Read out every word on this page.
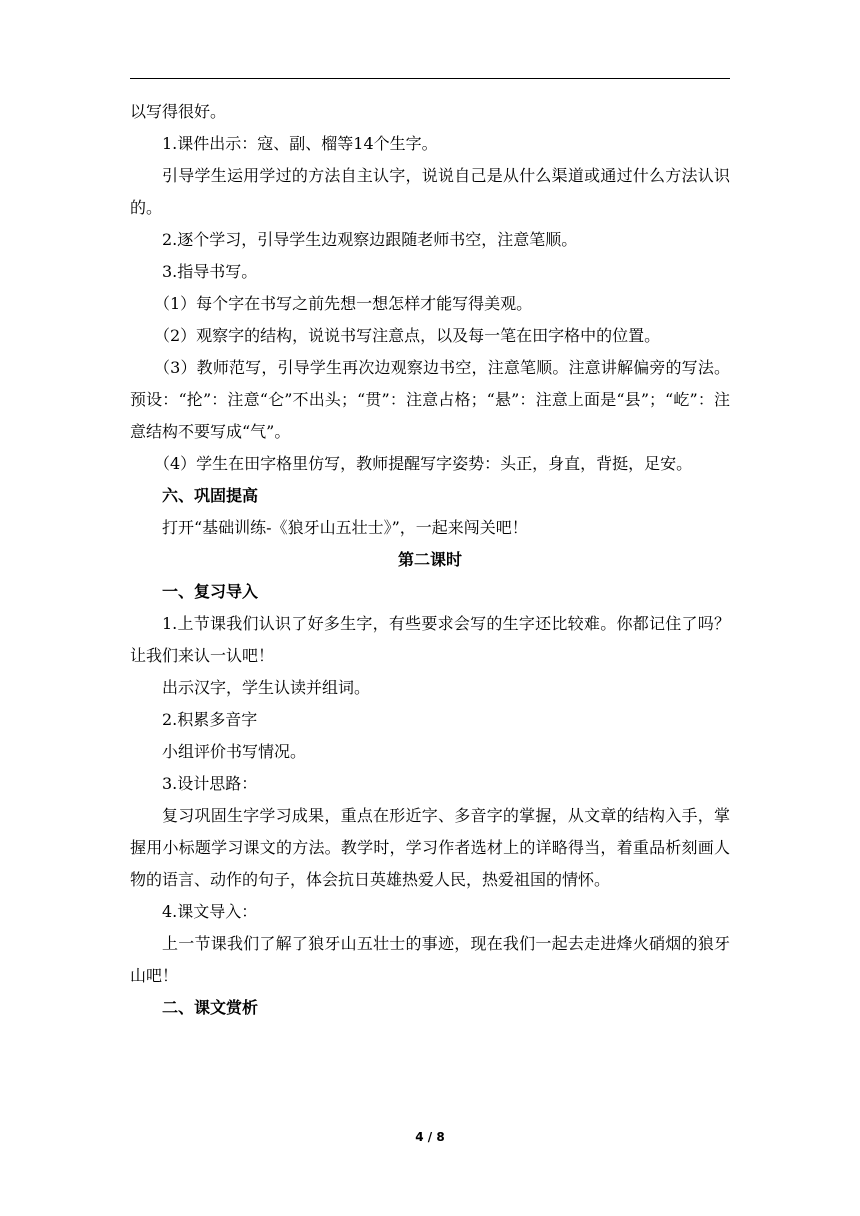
以写得很好。

1.课件出示：寇、副、榴等14个生字。

引导学生运用学过的方法自主认字，说说自己是从什么渠道或通过什么方法认识的。

2.逐个学习，引导学生边观察边跟随老师书空，注意笔顺。

3.指导书写。

（1）每个字在书写之前先想一想怎样才能写得美观。

（2）观察字的结构，说说书写注意点，以及每一笔在田字格中的位置。

（3）教师范写，引导学生再次边观察边书空，注意笔顺。注意讲解偏旁的写法。 预设：“抡”：注意“仑”不出头；“贯”：注意占格；“悬”：注意上面是“县”；“屹”：注意结构不要写成“气”。

（4）学生在田字格里仿写，教师提醒写字姿势：头正，身直，背挺，足安。

六、巩固提高

打开“基础训练-《狼牙山五壮士》”，一起来闯关吧！

第二课时

一、复习导入

1.上节课我们认识了好多生字，有些要求会写的生字还比较难。你都记住了吗？让我们来认一认吧！

出示汉字，学生认读并组词。

2.积累多音字

小组评价书写情况。

3.设计思路：

复习巩固生字学习成果，重点在形近字、多音字的掌握，从文章的结构入手，掌握用小标题学习课文的方法。教学时，学习作者选材上的详略得当，着重品析刻画人物的语言、动作的句子，体会抗日英雄热爱人民，热爱祖国的情怀。

4.课文导入：

上一节课我们了解了狼牙山五壮士的事迹，现在我们一起去走进烽火硝烟的狼牙山吧！

二、课文赏析

4 / 8
